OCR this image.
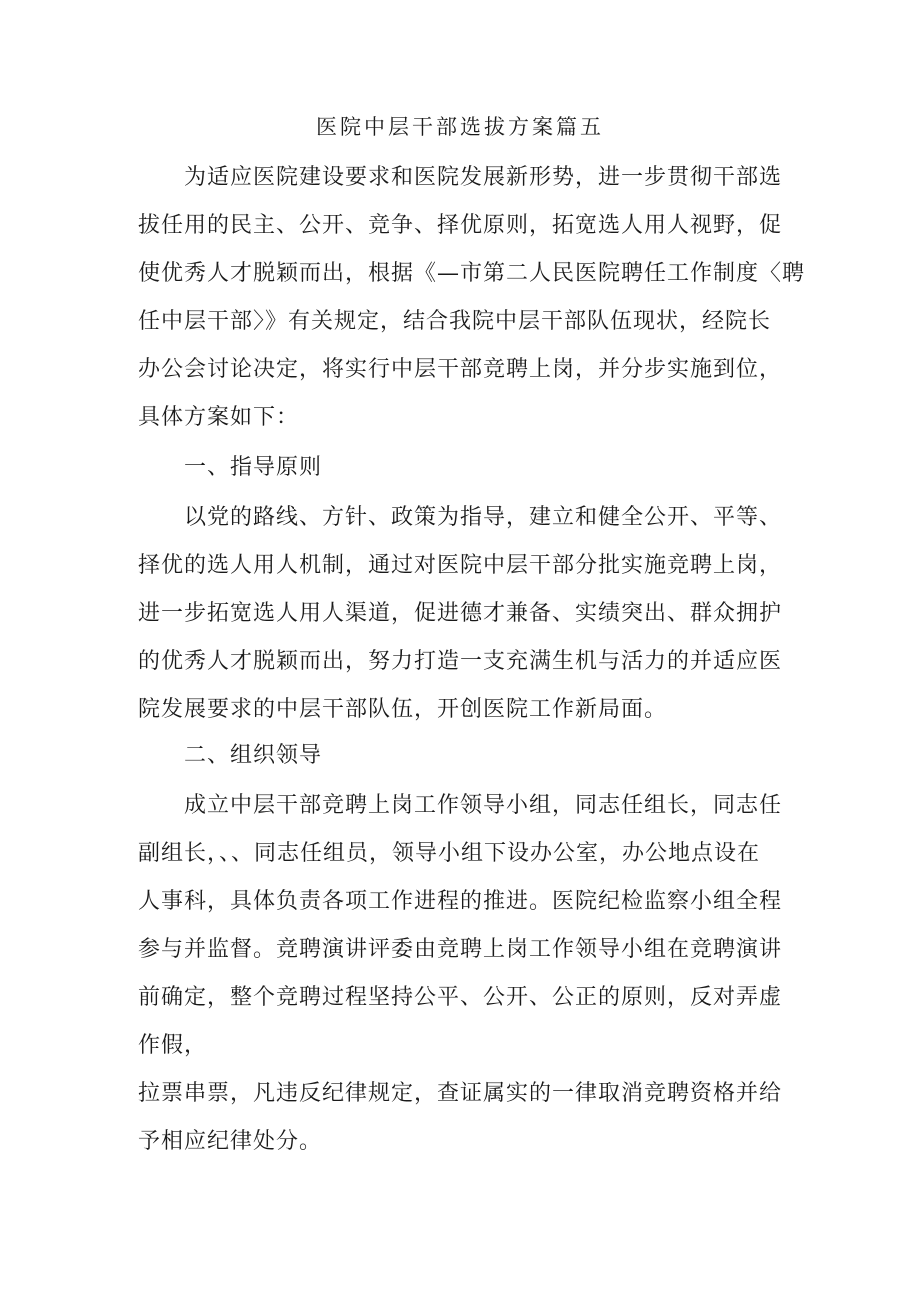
医院中层干部选拔方案篇五
　　为适应医院建设要求和医院发展新形势，进一步贯彻干部选
拔任用的民主、公开、竞争、择优原则，拓宽选人用人视野，促
使优秀人才脱颖而出，根据《—市第二人民医院聘任工作制度〈聘
任中层干部〉》有关规定，结合我院中层干部队伍现状，经院长
办公会讨论决定，将实行中层干部竞聘上岗，并分步实施到位，
具体方案如下：
　　一、指导原则
　　以党的路线、方针、政策为指导，建立和健全公开、平等、
择优的选人用人机制，通过对医院中层干部分批实施竞聘上岗，
进一步拓宽选人用人渠道，促进德才兼备、实绩突出、群众拥护
的优秀人才脱颖而出，努力打造一支充满生机与活力的并适应医
院发展要求的中层干部队伍，开创医院工作新局面。
　　二、组织领导
　　成立中层干部竞聘上岗工作领导小组，同志任组长，同志任
副组长，、、同志任组员，领导小组下设办公室，办公地点设在
人事科，具体负责各项工作进程的推进。医院纪检监察小组全程
参与并监督。竞聘演讲评委由竞聘上岗工作领导小组在竞聘演讲
前确定，整个竞聘过程坚持公平、公开、公正的原则，反对弄虚
作假，
拉票串票，凡违反纪律规定，查证属实的一律取消竞聘资格并给
予相应纪律处分。
